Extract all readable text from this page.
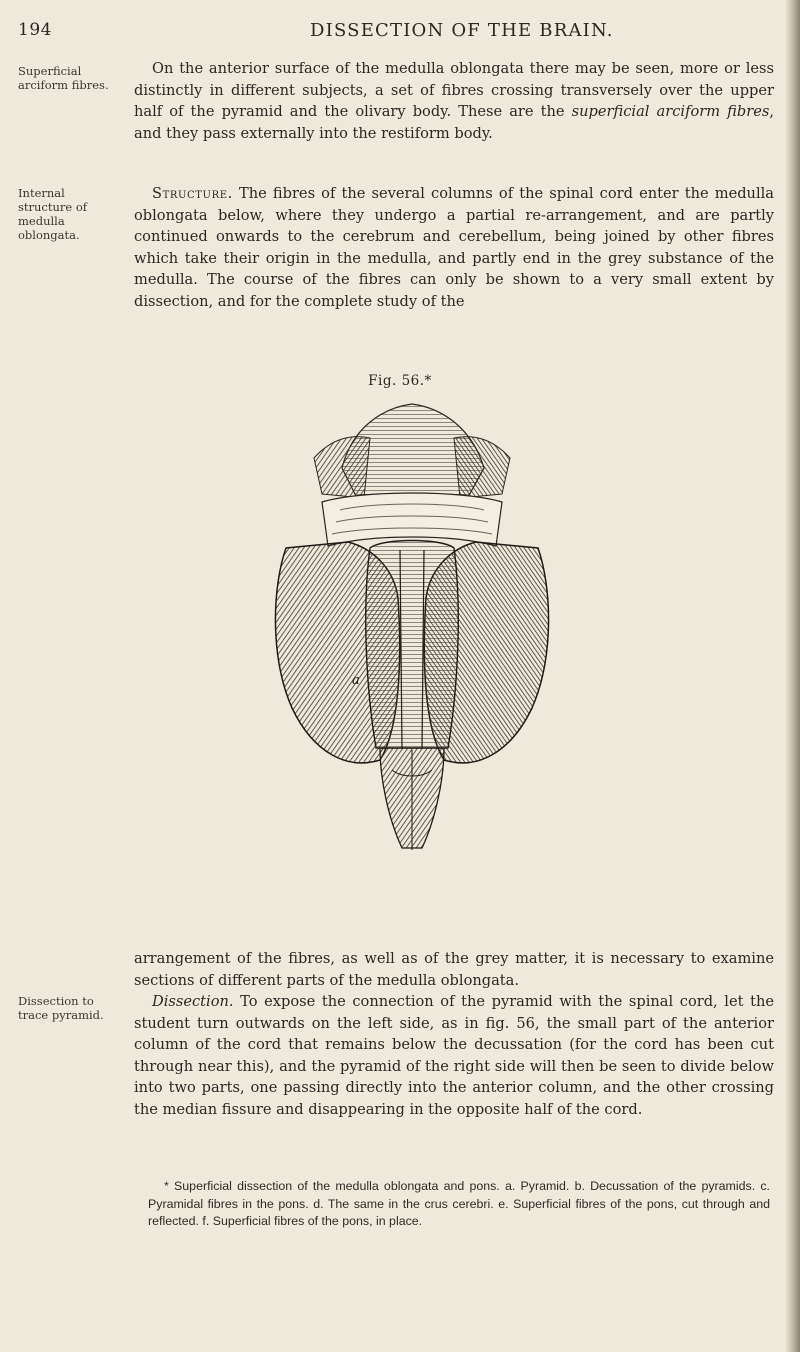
194	DISSECTION OF THE BRAIN.
Superficial arciform fibres.
Internal structure of medulla oblongata.
Dissection to trace pyramid.

On the anterior surface of the medulla oblongata there may be seen, more or less distinctly in different subjects, a set of fibres crossing transversely over the upper half of the pyramid and the olivary body. These are the superficial arciform fibres, and they pass externally into the restiform body.

Structure. The fibres of the several columns of the spinal cord enter the medulla oblongata below, where they undergo a partial re-arrangement, and are partly continued onwards to the cerebrum and cerebellum, being joined by other fibres which take their origin in the medulla, and partly end in the grey substance of the medulla. The course of the fibres can only be shown to a very small extent by dissection, and for the complete study of the

Fig. 56.*
a

arrangement of the fibres, as well as of the grey matter, it is necessary to examine sections of different parts of the medulla oblongata.

Dissection. To expose the connection of the pyramid with the spinal cord, let the student turn outwards on the left side, as in fig. 56, the small part of the anterior column of the cord that remains below the decussation (for the cord has been cut through near this), and the pyramid of the right side will then be seen to divide below into two parts, one passing directly into the anterior column, and the other crossing the median fissure and disappearing in the opposite half of the cord.

* Superficial dissection of the medulla oblongata and pons. a. Pyramid. b. Decussation of the pyramids. c. Pyramidal fibres in the pons. d. The same in the crus cerebri. e. Superficial fibres of the pons, cut through and reflected. f. Superficial fibres of the pons, in place.
